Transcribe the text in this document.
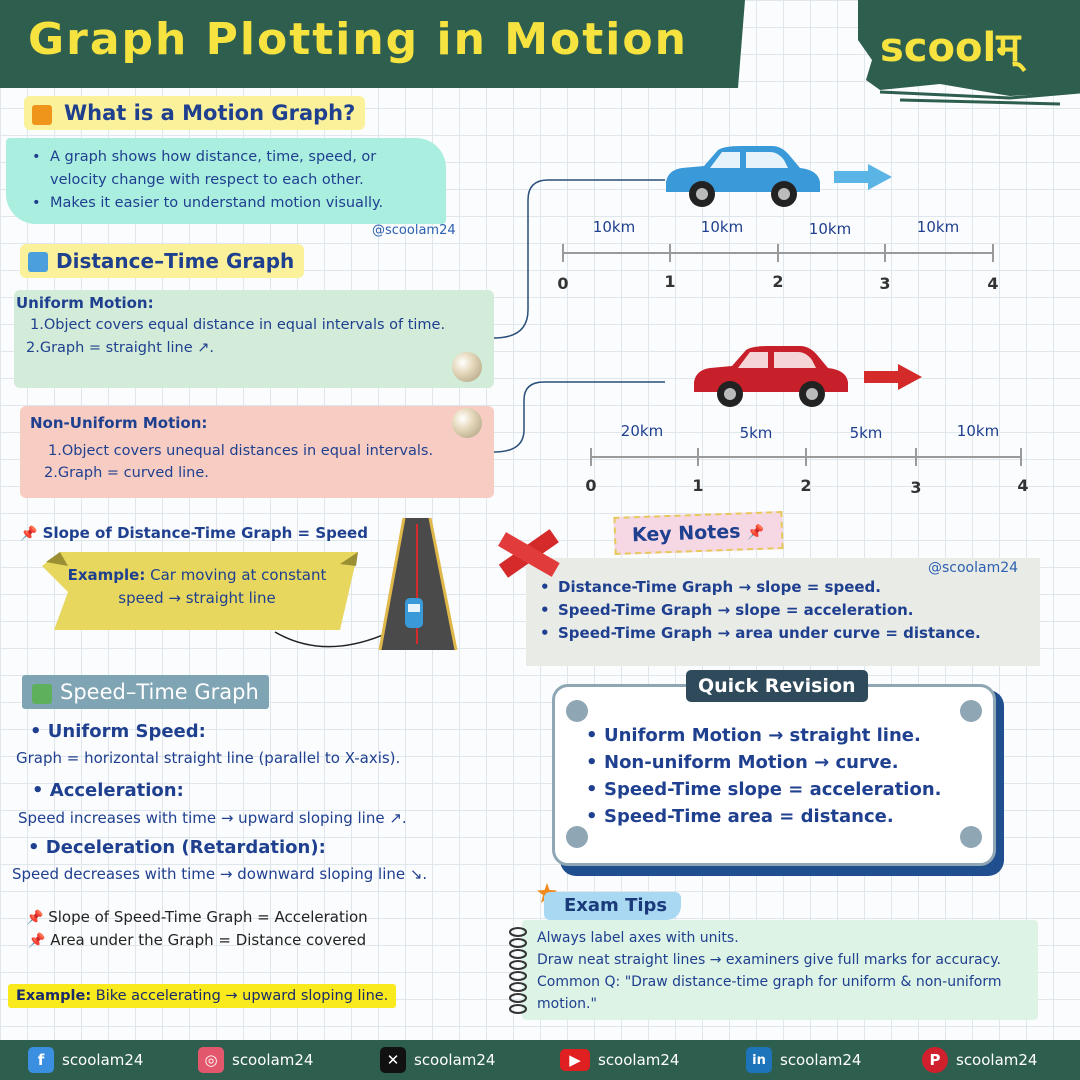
Graph Plotting in Motion	scoolम्
What is a Motion Graph?
• A graph shows how distance, time, speed, or velocity change with respect to each other.
• Makes it easier to understand motion visually.
@scoolam24
Distance–Time Graph
Uniform Motion:
1.Object covers equal distance in equal intervals of time.
2.Graph = straight line ↗.
Non-Uniform Motion:
1.Object covers unequal distances in equal intervals.
2.Graph = curved line.
10km	10km	10km	10km
0	1	2	3	4
20km	5km	5km	10km
0	1	2	3	4
📌 Slope of Distance-Time Graph = Speed
Example: Car moving at constant speed → straight line
Key Notes 📌
@scoolam24
• Distance-Time Graph → slope = speed.
• Speed-Time Graph → slope = acceleration.
• Speed-Time Graph → area under curve = distance.
Speed–Time Graph
• Uniform Speed:
Graph = horizontal straight line (parallel to X-axis).
• Acceleration:
Speed increases with time → upward sloping line ↗.
• Deceleration (Retardation):
Speed decreases with time → downward sloping line ↘.
📌 Slope of Speed-Time Graph = Acceleration
📌 Area under the Graph = Distance covered
Example: Bike accelerating → upward sloping line.
Quick Revision
• Uniform Motion → straight line.
• Non-uniform Motion → curve.
• Speed-Time slope = acceleration.
• Speed-Time area = distance.
Exam Tips
Always label axes with units.
Draw neat straight lines → examiners give full marks for accuracy.
Common Q: "Draw distance-time graph for uniform & non-uniform motion."
f	scoolam24	◎ scoolam24	✕ scoolam24	▶	scoolam24	in scoolam24	P	scoolam24
